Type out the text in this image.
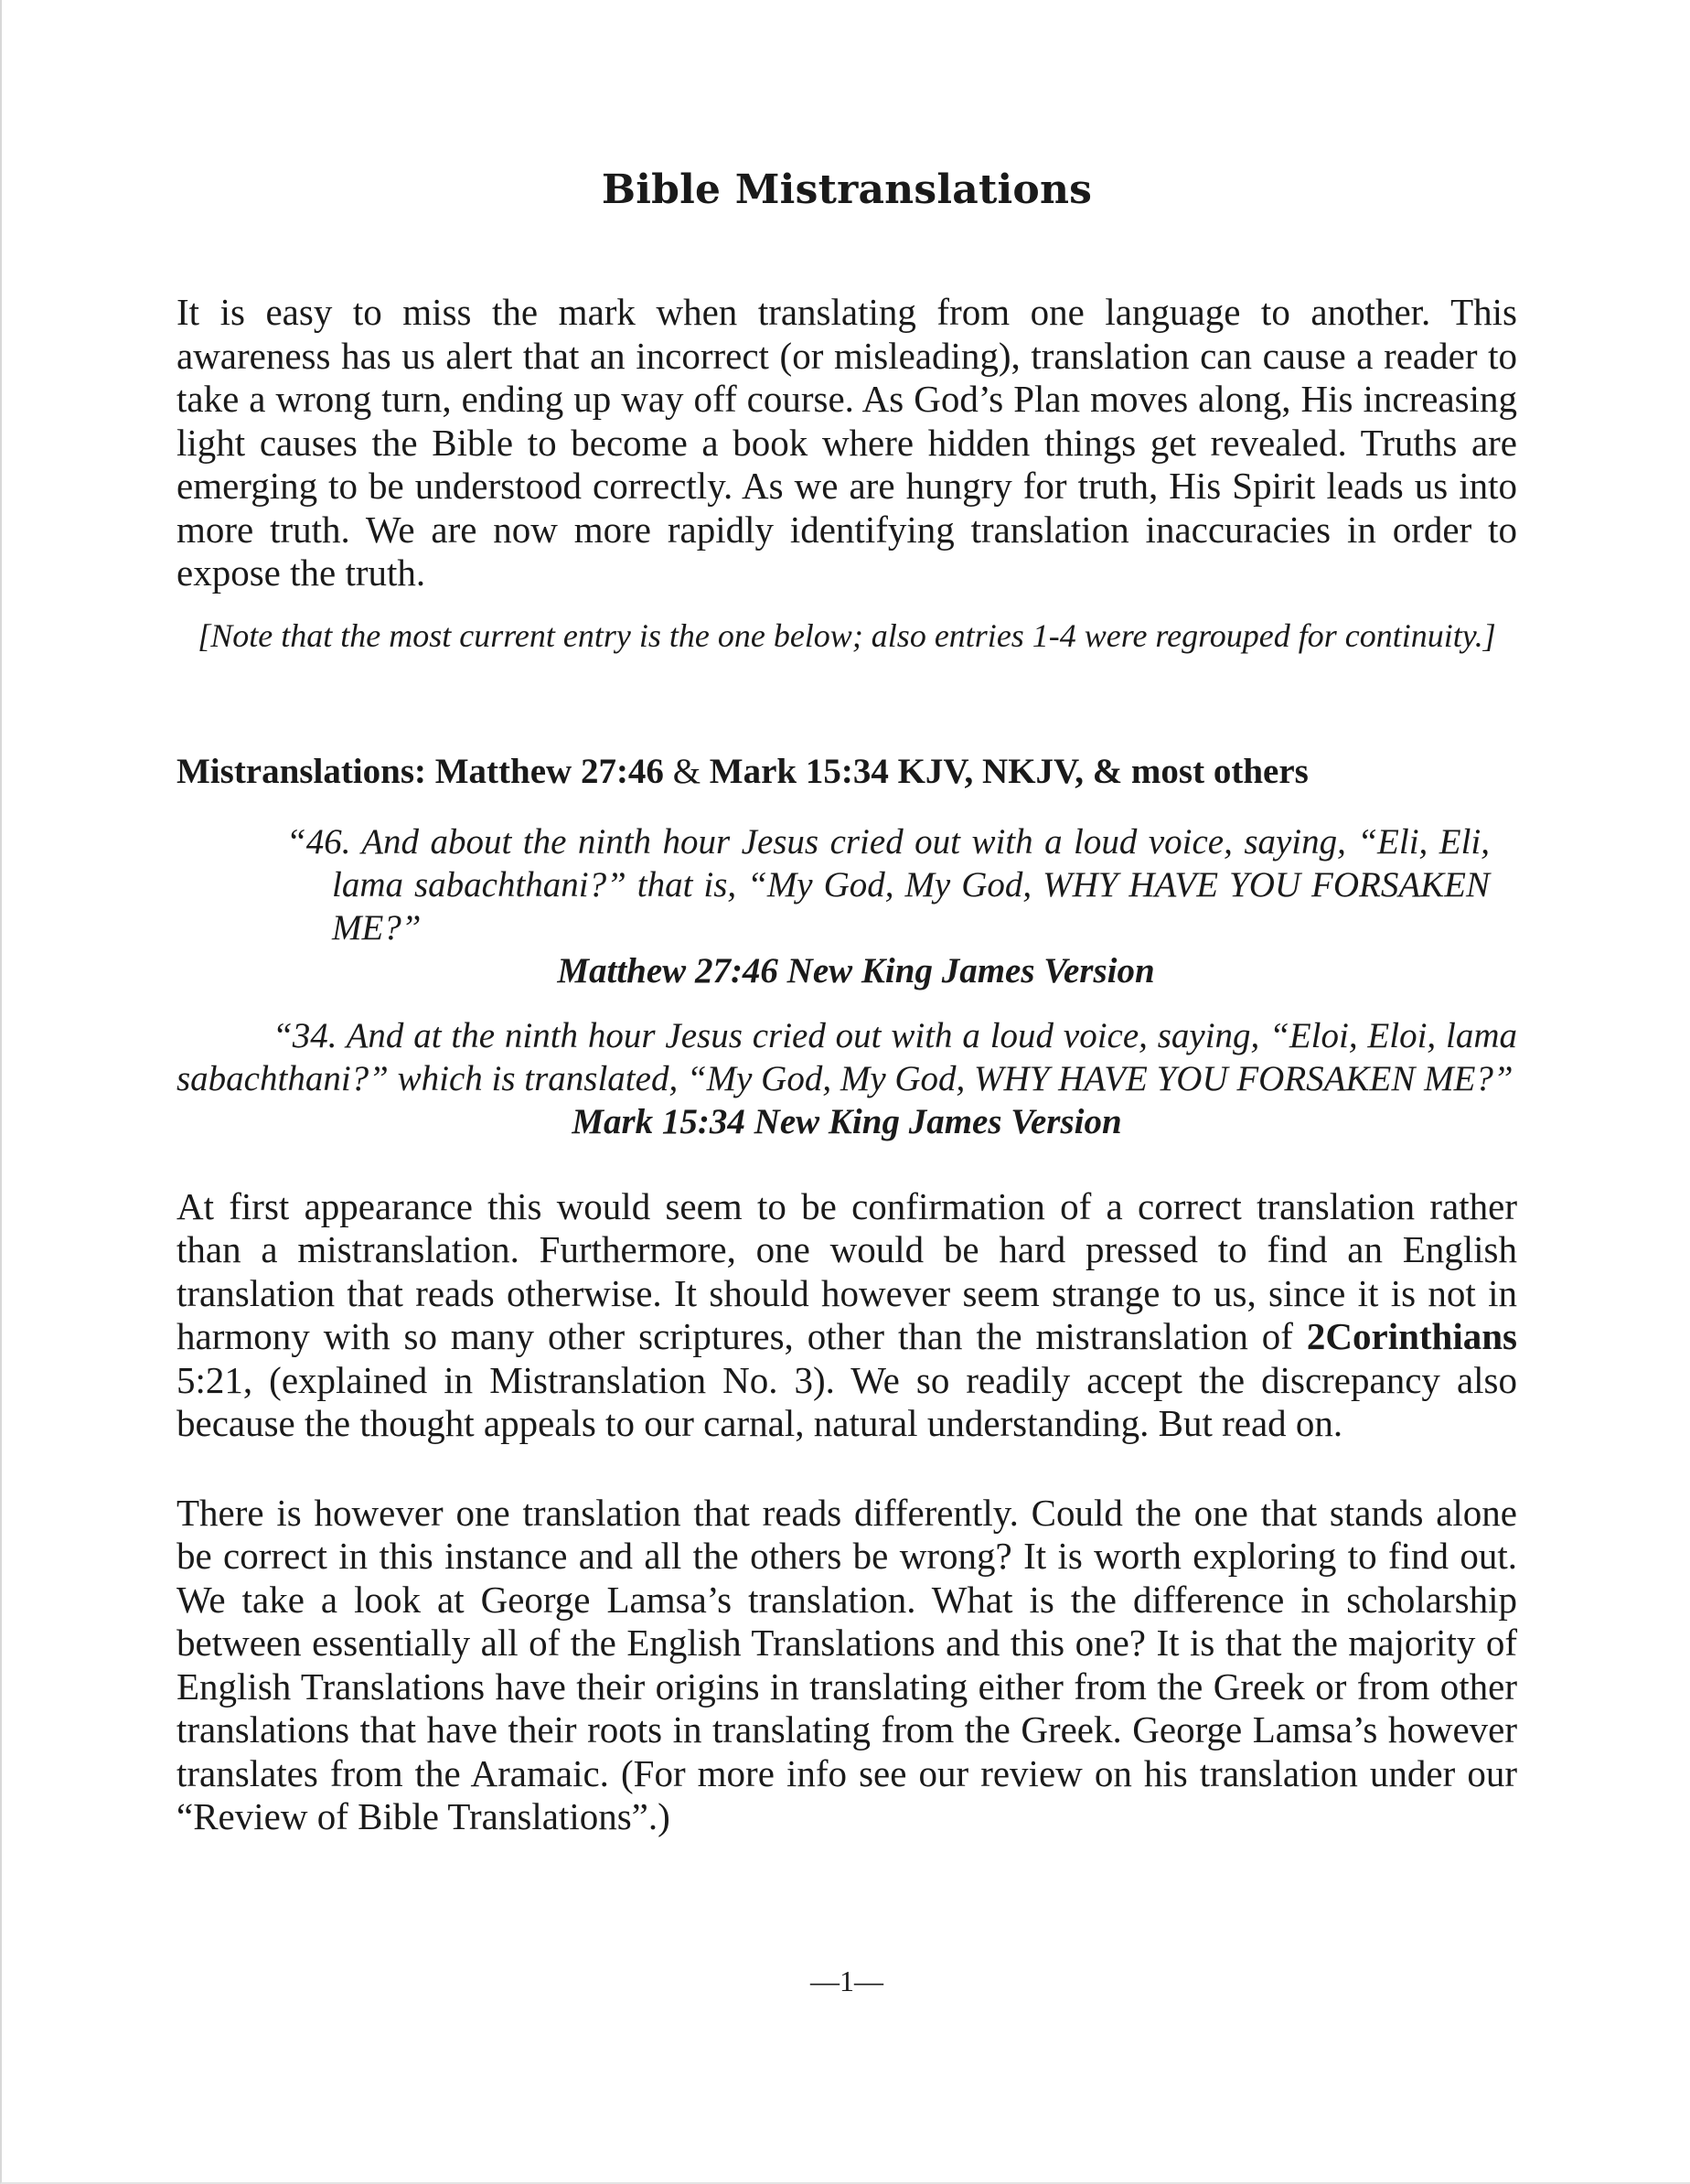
Bible Mistranslations

It is easy to miss the mark when translating from one language to another. This awareness has us alert that an incorrect (or misleading), translation can cause a reader to take a wrong turn, ending up way off course. As God’s Plan moves along, His increasing light causes the Bible to become a book where hidden things get revealed. Truths are emerging to be understood correctly. As we are hungry for truth, His Spirit leads us into more truth. We are now more rapidly identifying translation inaccuracies in order to expose the truth.

[Note that the most current entry is the one below; also entries 1-4 were regrouped for continuity.]

Mistranslations: Matthew 27:46 & Mark 15:34 KJV, NKJV, & most others
“46. And about the ninth hour Jesus cried out with a loud voice, saying, “Eli, Eli, lama sabachthani?” that is, “My God, My God, WHY HAVE YOU FORSAKEN ME?”
Matthew 27:46 New King James Version
“34. And at the ninth hour Jesus cried out with a loud voice, saying, “Eloi, Eloi, lama sabachthani?” which is translated, “My God, My God, WHY HAVE YOU FORSAKEN ME?”
Mark 15:34 New King James Version

At first appearance this would seem to be confirmation of a correct translation rather than a mistranslation. Furthermore, one would be hard pressed to find an English translation that reads otherwise. It should however seem strange to us, since it is not in harmony with so many other scriptures, other than the mistranslation of 2Corinthians 5:21, (explained in Mistranslation No. 3). We so readily accept the discrepancy also because the thought appeals to our carnal, natural understanding. But read on.

There is however one translation that reads differently. Could the one that stands alone be correct in this instance and all the others be wrong? It is worth exploring to find out. We take a look at George Lamsa’s translation. What is the difference in scholarship between essentially all of the English Translations and this one? It is that the majority of English Translations have their origins in translating either from the Greek or from other translations that have their roots in translating from the Greek. George Lamsa’s however translates from the Aramaic. (For more info see our review on his translation under our “Review of Bible Translations”.)

—1—
